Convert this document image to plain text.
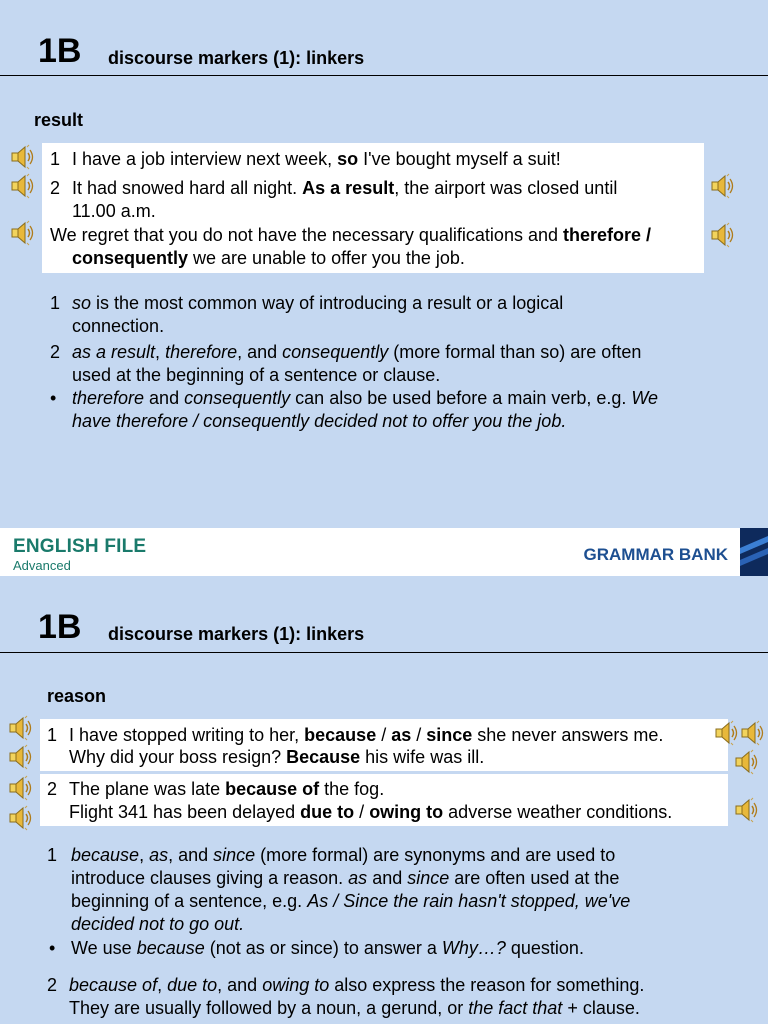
1B discourse markers (1): linkers
result
1 I have a job interview next week, so I've bought myself a suit!
2 It had snowed hard all night. As a result, the airport was closed until
11.00 a.m.
We regret that you do not have the necessary qualifications and therefore /
consequently we are unable to offer you the job.
1 so is the most common way of introducing a result or a logical
connection.
2 as a result, therefore, and consequently (more formal than so) are often
used at the beginning of a sentence or clause.
• therefore and consequently can also be used before a main verb, e.g. We
have therefore / consequently decided not to offer you the job.
ENGLISH FILE
Advanced
GRAMMAR BANK
1B discourse markers (1): linkers
reason
1 I have stopped writing to her, because / as / since she never answers me.
Why did your boss resign? Because his wife was ill.
2 The plane was late because of the fog.
Flight 341 has been delayed due to / owing to adverse weather conditions.
1 because, as, and since (more formal) are synonyms and are used to
introduce clauses giving a reason. as and since are often used at the
beginning of a sentence, e.g. As / Since the rain hasn't stopped, we've
decided not to go out.
• We use because (not as or since) to answer a Why…? question.
2 because of, due to, and owing to also express the reason for something.
They are usually followed by a noun, a gerund, or the fact that + clause.
